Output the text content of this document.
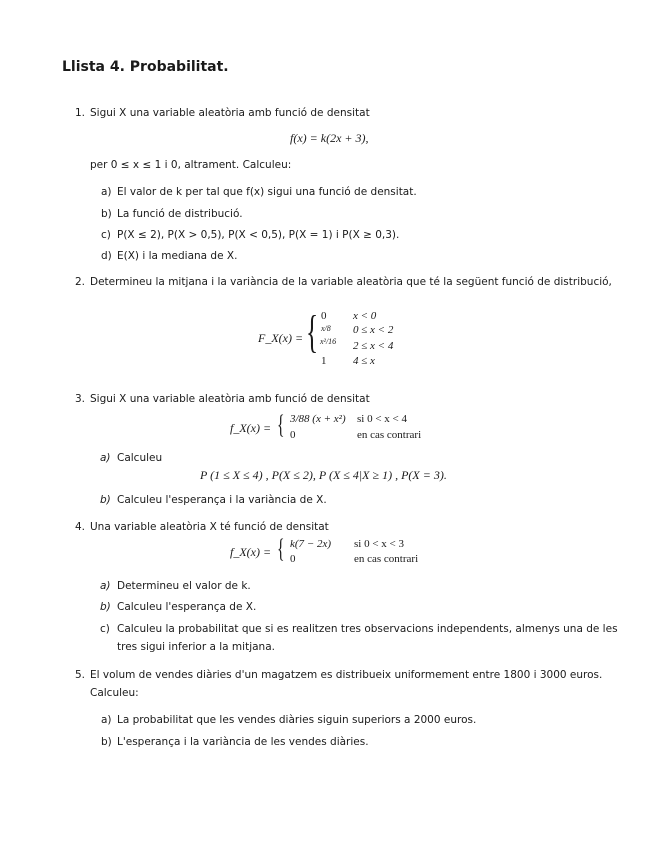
Llista 4. Probabilitat.
1. Sigui X una variable aleatòria amb funció de densitat
f(x) = k(2x + 3),
per 0 ≤ x ≤ 1 i 0, altrament. Calculeu:
a) El valor de k per tal que f(x) sigui una funció de densitat.
b) La funció de distribució.
c) P(X ≤ 2), P(X > 0,5), P(X < 0,5), P(X = 1) i P(X ≥ 0,3).
d) E(X) i la mediana de X.
2. Determineu la mitjana i la variància de la variable aleatòria que té la següent funció de distribució,
F_X(x) = { 0
x/8
x²/16
1
x < 0
0 ≤ x < 2
2 ≤ x < 4
4 ≤ x
3. Sigui X una variable aleatòria amb funció de densitat
f_X(x) = { 3/88 (x + x²)
0
si 0 < x < 4
en cas contrari
a) Calculeu
P (1 ≤ X ≤ 4) , P(X ≤ 2), P (X ≤ 4|X ≥ 1) , P(X = 3).
b) Calculeu l'esperança i la variància de X.
4. Una variable aleatòria X té funció de densitat
f_X(x) = { k(7 − 2x)
0
si 0 < x < 3
en cas contrari
a) Determineu el valor de k.
b) Calculeu l'esperança de X.
c) Calculeu la probabilitat que si es realitzen tres observacions independents, almenys una de les
tres sigui inferior a la mitjana.
5. El volum de vendes diàries d'un magatzem es distribueix uniformement entre 1800 i 3000 euros.
Calculeu:
a) La probabilitat que les vendes diàries siguin superiors a 2000 euros.
b) L'esperança i la variància de les vendes diàries.
